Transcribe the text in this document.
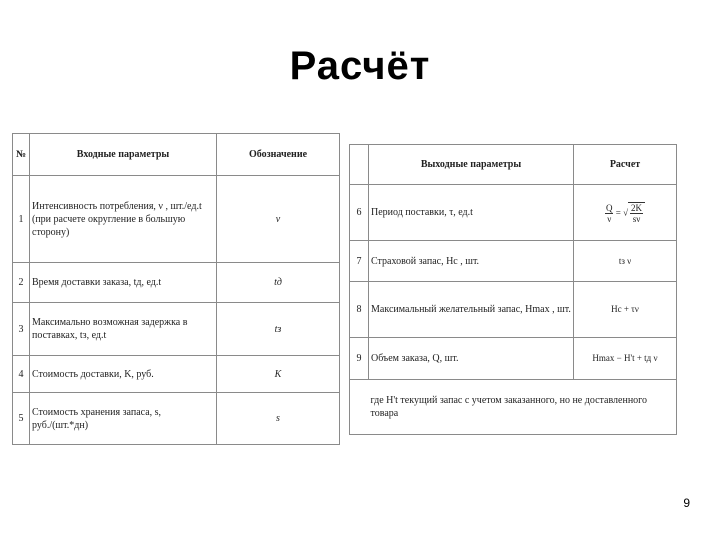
Расчёт
№	Входные параметры	Обозначение
1	Интенсивность потребления, ν , шт./ед.t (при расчете округление в большую сторону)	ν
2	Время доставки заказа, tд, ед.t	tд
3	Максимально возможная задержка в поставках, tз, ед.t	tз
4	Стоимость доставки, K, руб.	K
5	Стоимость хранения запаса, s, руб./(шт.*дн)	s
	Выходные параметры	Расчет
6	Период поставки, τ, ед.t	$\frac{Q}{\nu}$ = √ $\frac{2K}{s\nu}$

7	Страховой запас, Hс , шт.	tз ν
8	Максимальный желательный запас, Hmax , шт.	Hс + τν
9	Объем заказа, Q, шт.	Hmax − H't + tд ν
	где H't текущий запас с учетом заказанного, но не доставленного товара	
9
